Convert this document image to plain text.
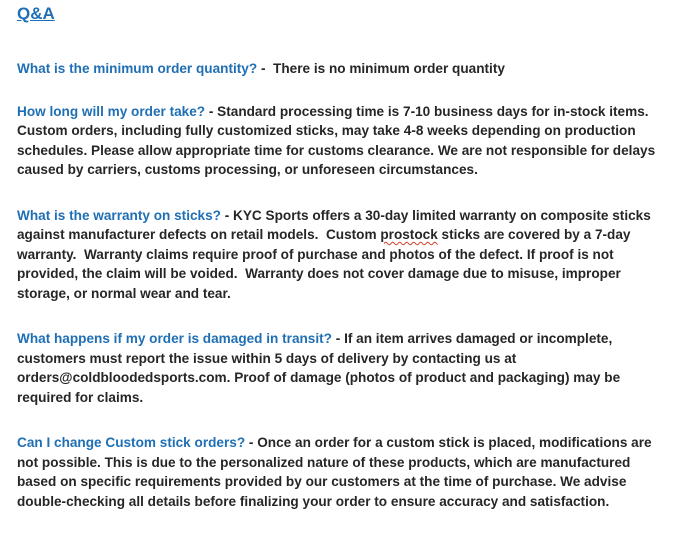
Q&A

What is the minimum order quantity? -  There is no minimum order quantity

How long will my order take? - Standard processing time is 7-10 business days for in-stock items. Custom orders, including fully customized sticks, may take 4-8 weeks depending on production schedules. Please allow appropriate time for customs clearance. We are not responsible for delays caused by carriers, customs processing, or unforeseen circumstances.

What is the warranty on sticks? - KYC Sports offers a 30-day limited warranty on composite sticks against manufacturer defects on retail models.  Custom prostock sticks are covered by a 7-day warranty.  Warranty claims require proof of purchase and photos of the defect. If proof is not provided, the claim will be voided.  Warranty does not cover damage due to misuse, improper storage, or normal wear and tear.

What happens if my order is damaged in transit? - If an item arrives damaged or incomplete, customers must report the issue within 5 days of delivery by contacting us at orders@coldbloodedsports.com. Proof of damage (photos of product and packaging) may be required for claims.

Can I change Custom stick orders? - Once an order for a custom stick is placed, modifications are not possible. This is due to the personalized nature of these products, which are manufactured based on specific requirements provided by our customers at the time of purchase. We advise double-checking all details before finalizing your order to ensure accuracy and satisfaction.
